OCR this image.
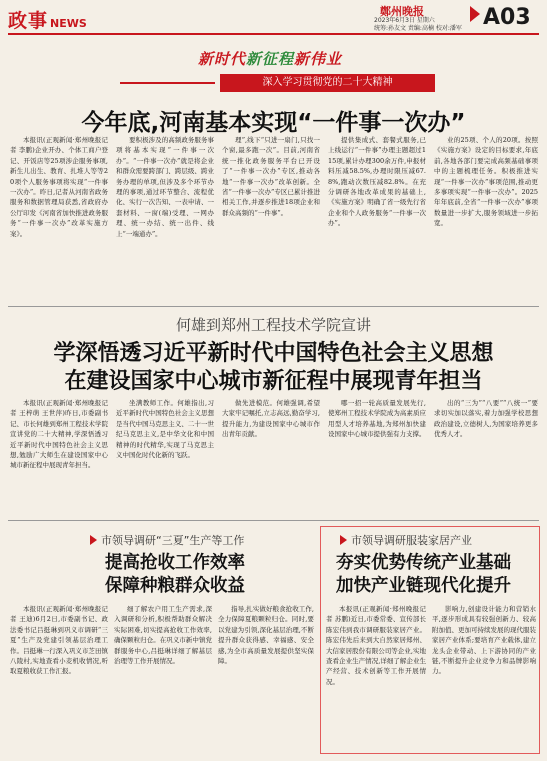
政事 NEWS
鄭州晚报
2023年6月3日 星期六
统筹:孙友文 责编:高楠 校对:潘军 A03
新时代新征程新伟业
深入学习贯彻党的二十大精神
今年底,河南基本实现“一件事一次办”

本报讯(正观新闻·郑州晚报记者 李鹏)企业开办、个体工商户登记、开饭店等25项涉企服务事项,新生儿出生、教育、扎堆人等等20项个人服务事项将实现“一件事一次办”。昨日,记者从河南省政务服务和数据管理局获悉,省政府办公厅印发《河南省加快推进政务服务“一件事一次办”改革实施方案》。

要积极涉及的高频政务服务事项将基本实现“一件事一次办”。“一件事一次办”就是将企业和群众需要跨部门、跨层级、跨业务办理的单项,但涉及多个环节办理的事项,通过环节整合、流程优化、实行一次告知、一表申请、一套材料、一窗(端)受理、一网办理、统一办结、统一出件、线上“一端通办”。

理”,线下“只进一扇门,只找一个窗,最多跑一次”。目前,河南省统一推化政务服务平台已开设了“一件事一次办”专区,推动各地“一件事一次办”改革创新。全省“一件事一次办”专区已累计推进相关工作,并逐步推进18项企业和群众高频的“一件事”。

提供集成式、套餐式服务,已上线运行“一件事”办理主题超过115项,累计办理300余万件,申报材料压减58.5%,办理时限压减67.8%,跑动次数压减82.8%。在充分调研各地改革成果的基础上,《实施方案》明确了省一级先行省企业和个人政务服务“一件事一次办”。

业的25项、个人的20项。按照《实施方案》设定的目标要求,年底前,各地各部门要完成高频基础事项中的主题梳理任务。积极推进实现“一件事一次办”事项范围,推动更多事项实现“一件事一次办”。2025年年底前,全省“一件事一次办”事项数量进一步扩大,服务领域进一步拓宽。

何雄到郑州工程技术学院宣讲
学深悟透习近平新时代中国特色社会主义思想
在建设国家中心城市新征程中展现青年担当

本报讯(正观新闻·郑州晚报记者 王梓萌 王世萍)昨日,市委副书记、市长何雄到郑州工程技术学院宣讲党的二十大精神,学深悟透习近平新时代中国特色社会主义思想,勉励广大师生在建设国家中心城市新征程中展现青年担当。

坐满教师工作。何雄指出,习近平新时代中国特色社会主义思想是当代中国马克思主义、二十一世纪马克思主义,是中华文化和中国精神的时代精华,实现了马克思主义中国化时代化新的飞跃。

做先进模范。何雄强调,希望大家牢记嘱托,立志高远,勤奋学习,提升能力,为建设国家中心城市作出青年贡献。

哪一招一轮高质量发展先行,使郑州工程技术学院成为高素质应用型人才培养基地,为郑州加快建设国家中心城市提供强有力支撑。

出的“三为”“八要”“八统一”要求切实加以落实,着力加强学校思想政治建设,立德树人,为国家培养更多优秀人才。

市领导调研“三夏”生产等工作
提高抢收工作效率
保障种粮群众收益

本报讯(正观新闻·郑州晚报记者 王迪)6月2日,市委副书记、政法委书记吕挺琳到巩义市调研“三夏”生产及党建引领基层治理工作。吕挺琳一行深入巩义市芝田镇八陵村,实地查看小麦机收情况,听取夏粮收获工作汇报。

细了解农户用工生产需求,深入调研和分析,积极帮助群众解决实际困难,切实提高抢收工作效率,确保颗粒归仓。在巩义市新中镇党群服务中心,吕挺琳详细了解基层治理等工作开展情况。

指导,扎实做好粮食抢收工作,全力保障夏粮颗粒归仓。同时,要以党建为引领,深化基层治理,不断提升群众获得感、幸福感、安全感,为全市高质量发展提供坚实保障。

市领导调研服装家居产业
夯实优势传统产业基础
加快产业链现代化提升

本报讯(正观新闻·郑州晚报记者 苏鹏)近日,市委常委、宣传部长陈宏伟到我市调研服装家居产业。陈宏伟先后来到大自然家居郑州、大信家居股份有限公司等企业,实地查看企业生产情况,详细了解企业生产经营、技术创新等工作开展情况。

影响力,创建设计能力和营销水平,逐步形成具有较强创新力、较高附加值、更加可持续发展的现代服装家居产业体系;要培育产业载体,建立龙头企业带动、上下游协同的产业链,不断提升企业竞争力和品牌影响力。
